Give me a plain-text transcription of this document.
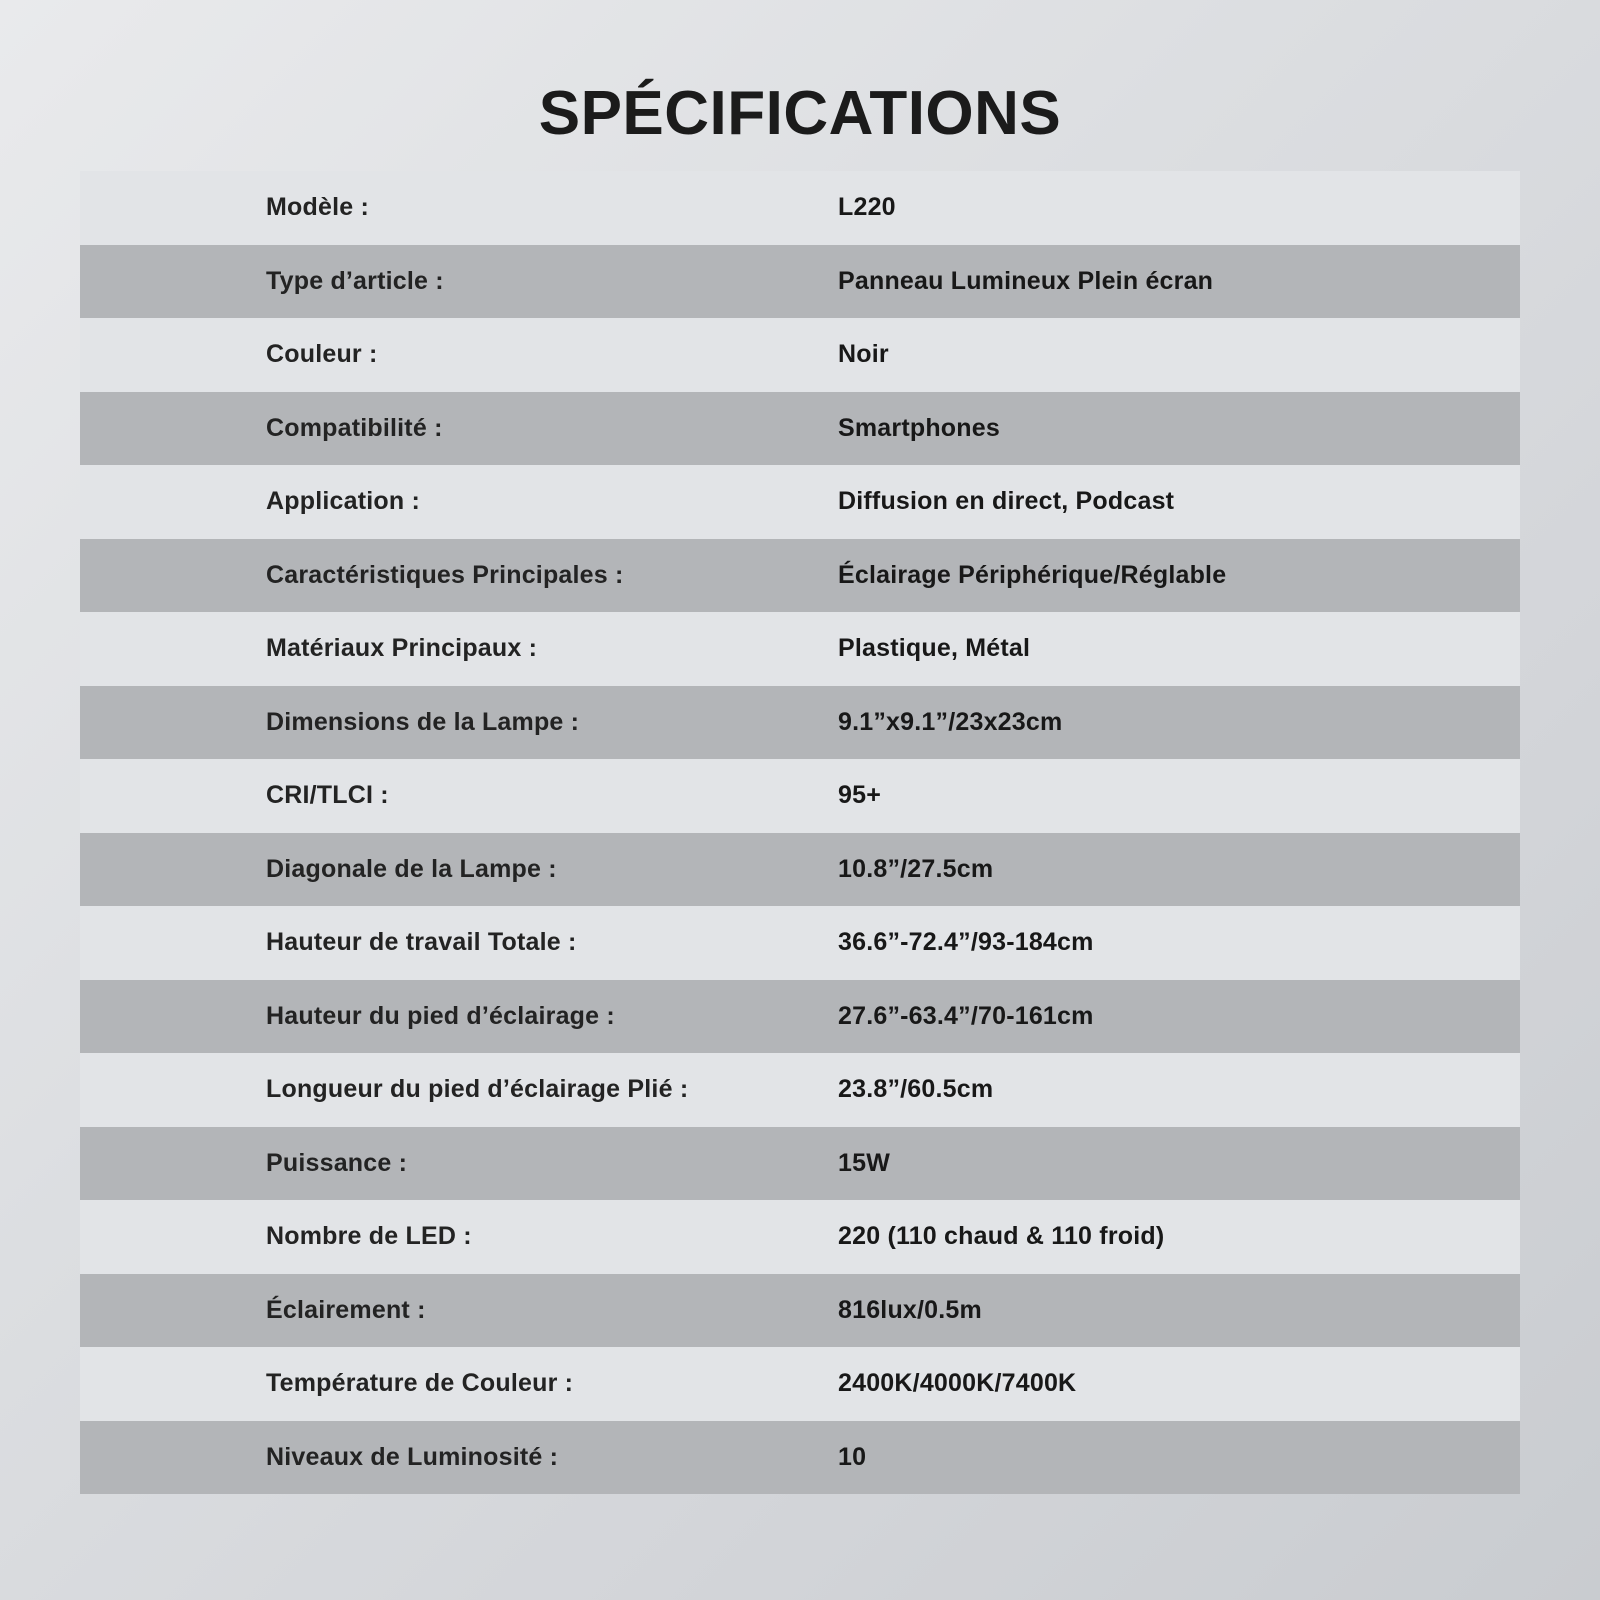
SPÉCIFICATIONS
Modèle :	L220
Type d’article :	Panneau Lumineux Plein écran
Couleur :	Noir
Compatibilité :	Smartphones
Application :	Diffusion en direct, Podcast
Caractéristiques Principales :	Éclairage Périphérique/Réglable
Matériaux Principaux :	Plastique, Métal
Dimensions de la Lampe :	9.1”x9.1”/23x23cm
CRI/TLCI :	95+
Diagonale de la Lampe :	10.8”/27.5cm
Hauteur de travail Totale :	36.6”-72.4”/93-184cm
Hauteur du pied d’éclairage :	27.6”-63.4”/70-161cm
Longueur du pied d’éclairage Plié :	23.8”/60.5cm
Puissance :	15W
Nombre de LED :	220 (110 chaud & 110 froid)
Éclairement :	816lux/0.5m
Température de Couleur :	2400K/4000K/7400K
Niveaux de Luminosité :	10
